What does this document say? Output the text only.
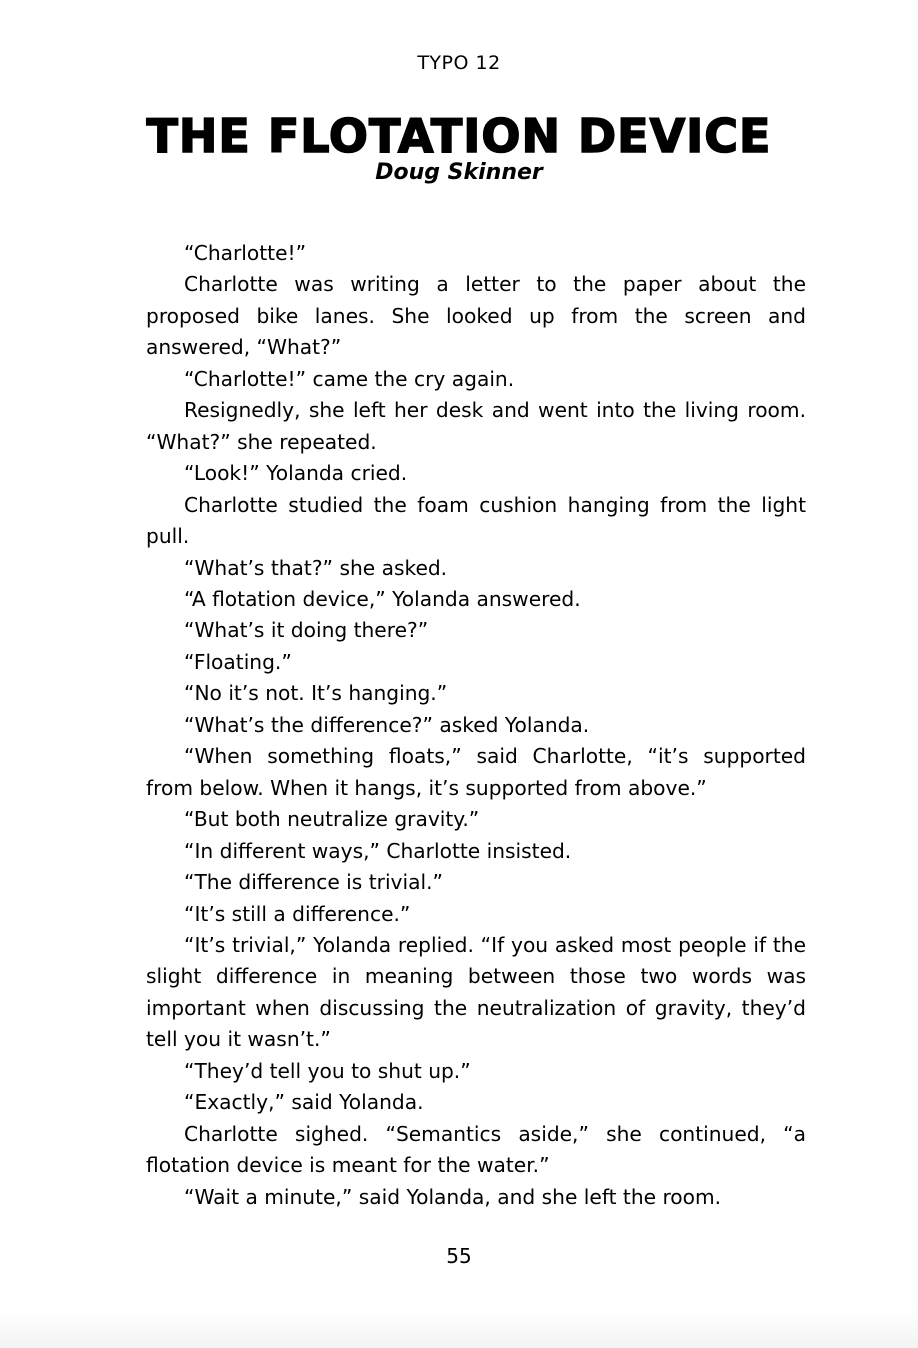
TYPO 12
THE FLOTATION DEVICE
Doug Skinner

“Charlotte!”

Charlotte was writing a letter to the paper about the proposed bike lanes. She looked up from the screen and answered, “What?”

“Charlotte!” came the cry again.

Resignedly, she left her desk and went into the living room. “What?” she repeated.

“Look!” Yolanda cried.

Charlotte studied the foam cushion hanging from the light pull.

“What’s that?” she asked.

“A flotation device,” Yolanda answered.

“What’s it doing there?”

“Floating.”

“No it’s not. It’s hanging.”

“What’s the difference?” asked Yolanda.

“When something floats,” said Charlotte, “it’s supported from below. When it hangs, it’s supported from above.”

“But both neutralize gravity.”

“In different ways,” Charlotte insisted.

“The difference is trivial.”

“It’s still a difference.”

“It’s trivial,” Yolanda replied. “If you asked most people if the slight difference in meaning between those two words was important when discussing the neutralization of gravity, they’d tell you it wasn’t.”

“They’d tell you to shut up.”

“Exactly,” said Yolanda.

Charlotte sighed. “Semantics aside,” she continued, “a flotation device is meant for the water.”

“Wait a minute,” said Yolanda, and she left the room.

55
